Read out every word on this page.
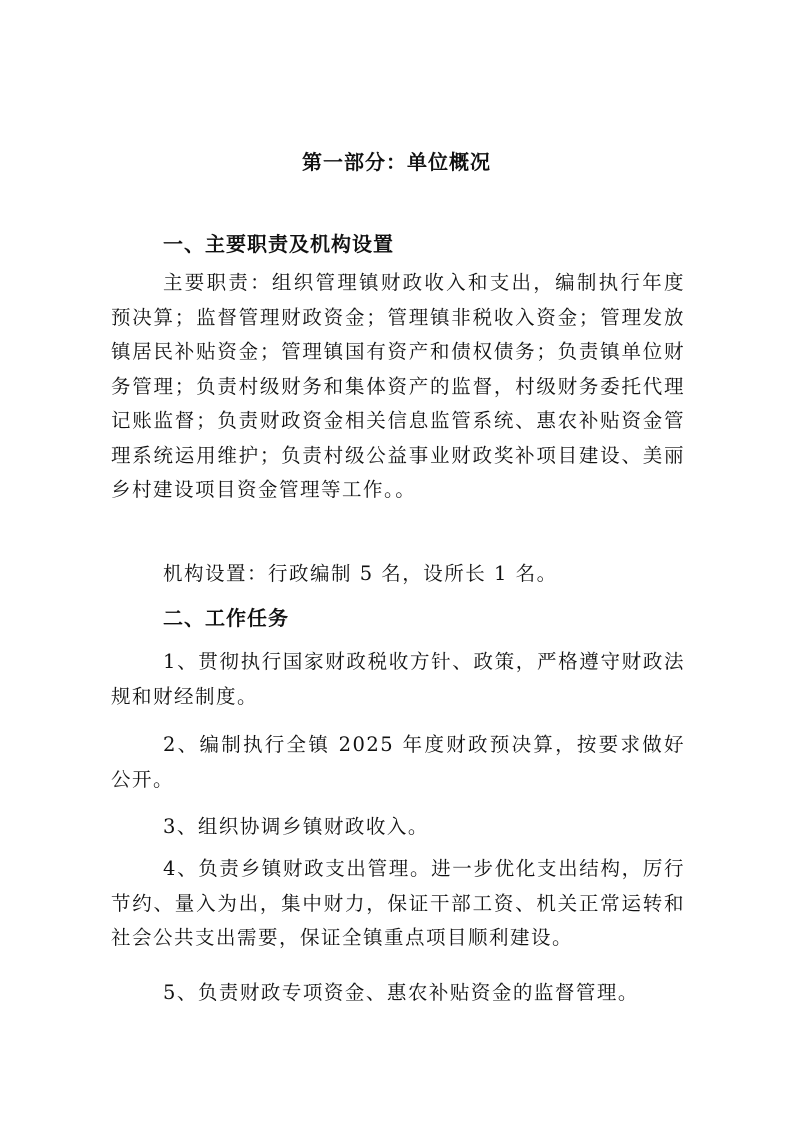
第一部分：单位概况
一、主要职责及机构设置

主要职责：组织管理镇财政收入和支出，编制执行年度预决算；监督管理财政资金；管理镇非税收入资金；管理发放镇居民补贴资金；管理镇国有资产和债权债务；负责镇单位财务管理；负责村级财务和集体资产的监督，村级财务委托代理记账监督；负责财政资金相关信息监管系统、惠农补贴资金管理系统运用维护；负责村级公益事业财政奖补项目建设、美丽乡村建设项目资金管理等工作。。

机构设置：行政编制 5 名，设所长 1 名。

二、工作任务

1、贯彻执行国家财政税收方针、政策，严格遵守财政法规和财经制度。

2、编制执行全镇 2025 年度财政预决算，按要求做好公开。

3、组织协调乡镇财政收入。

4、负责乡镇财政支出管理。进一步优化支出结构，厉行节约、量入为出，集中财力，保证干部工资、机关正常运转和社会公共支出需要，保证全镇重点项目顺利建设。

5、负责财政专项资金、惠农补贴资金的监督管理。
